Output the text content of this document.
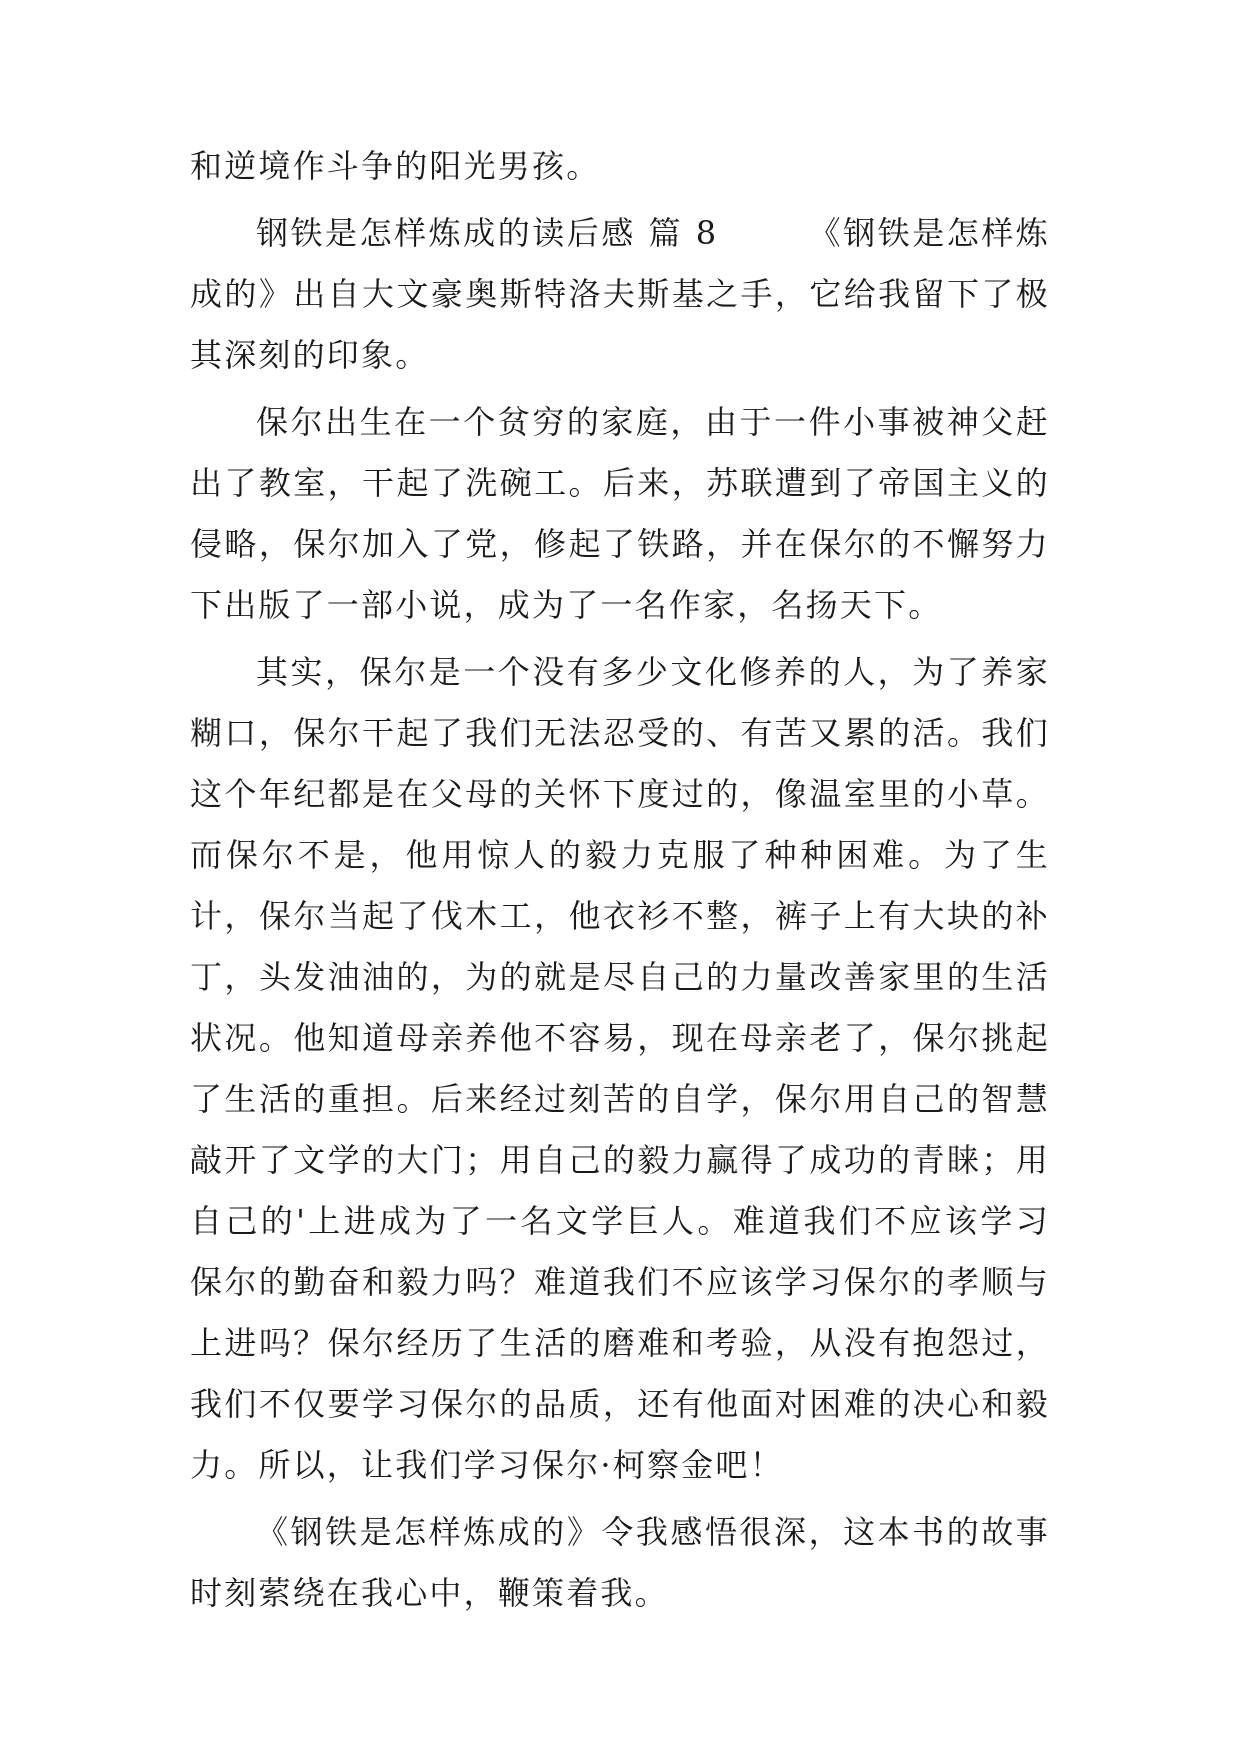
和逆境作斗争的阳光男孩。

钢铁是怎样炼成的读后感 篇 8	《钢铁是怎样炼成的》出自大文豪奥斯特洛夫斯基之手，它给我留下了极其深刻的印象。

保尔出生在一个贫穷的家庭，由于一件小事被神父赶出了教室，干起了洗碗工。后来，苏联遭到了帝国主义的侵略，保尔加入了党，修起了铁路，并在保尔的不懈努力下出版了一部小说，成为了一名作家，名扬天下。

其实，保尔是一个没有多少文化修养的人，为了养家糊口，保尔干起了我们无法忍受的、有苦又累的活。我们这个年纪都是在父母的关怀下度过的，像温室里的小草。而保尔不是，他用惊人的毅力克服了种种困难。为了生计，保尔当起了伐木工，他衣衫不整，裤子上有大块的补丁，头发油油的，为的就是尽自己的力量改善家里的生活状况。他知道母亲养他不容易，现在母亲老了，保尔挑起了生活的重担。后来经过刻苦的自学，保尔用自己的智慧敲开了文学的大门；用自己的毅力赢得了成功的青睐；用自己的'上进成为了一名文学巨人。难道我们不应该学习保尔的勤奋和毅力吗？难道我们不应该学习保尔的孝顺与上进吗？保尔经历了生活的磨难和考验，从没有抱怨过，我们不仅要学习保尔的品质，还有他面对困难的决心和毅力。所以，让我们学习保尔·柯察金吧！

《钢铁是怎样炼成的》令我感悟很深，这本书的故事时刻萦绕在我心中，鞭策着我。
